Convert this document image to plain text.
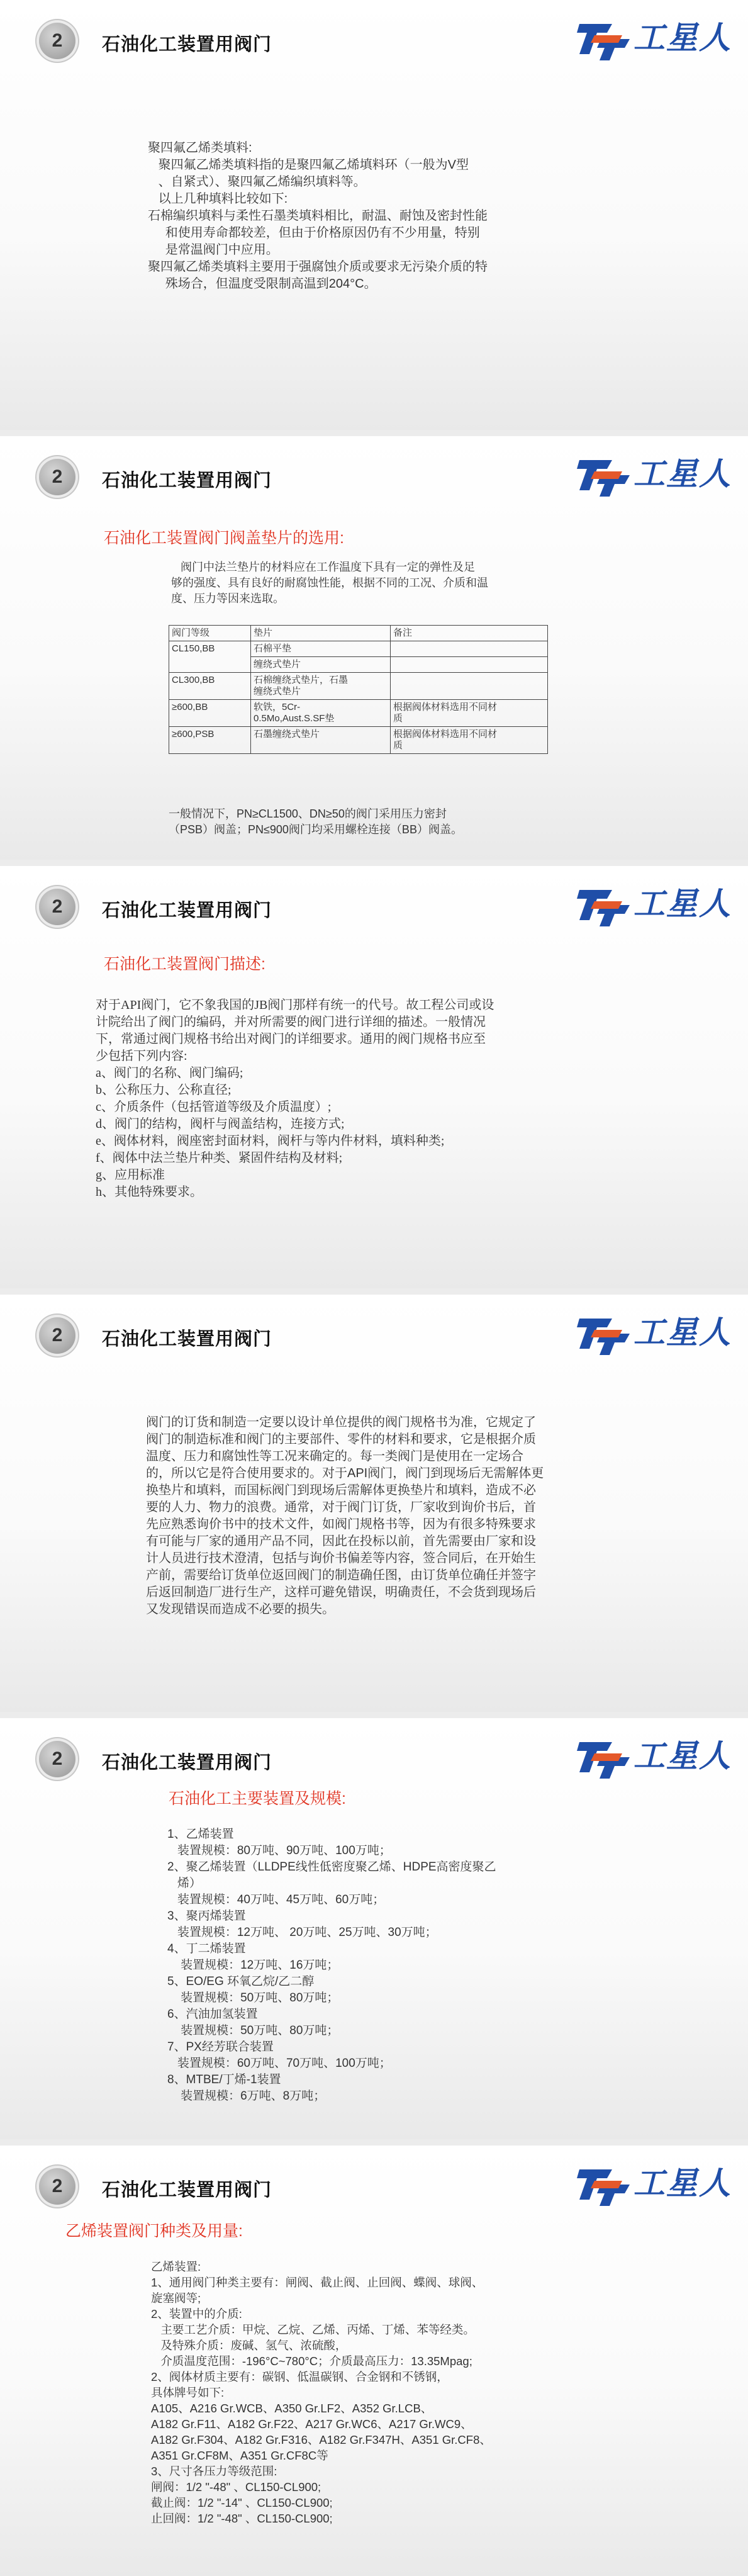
2	石油化工装置用阀门	工星人

聚四氟乙烯类填料:

聚四氟乙烯类填料指的是聚四氟乙烯填料环（一般为V型

、自紧式）、聚四氟乙烯编织填料等。

以上几种填料比较如下:

石棉编织填料与柔性石墨类填料相比，耐温、耐蚀及密封性能

和使用寿命都较差，但由于价格原因仍有不少用量，特别

是常温阀门中应用。

聚四氟乙烯类填料主要用于强腐蚀介质或要求无污染介质的特

殊场合，但温度受限制高温到204°C。

2	石油化工装置用阀门	工星人
石油化工装置阀门阀盖垫片的选用:

阀门中法兰垫片的材料应在工作温度下具有一定的弹性及足

够的强度、具有良好的耐腐蚀性能，根据不同的工况、介质和温

度、压力等因来选取。

阀门等级	垫片	备注
CL150,BB	石棉平垫	
	缠绕式垫片	
CL300,BB	石棉缠绕式垫片，石墨
缠绕式垫片	
≥600,BB	软铁，5Cr-
0.5Mo,Aust.S.SF垫	根据阀体材料选用不同材
质
≥600,PSB	石墨缠绕式垫片	根据阀体材料选用不同材
质

一般情况下，PN≥CL1500、DN≥50的阀门采用压力密封

（PSB）阀盖；PN≤900阀门均采用螺栓连接（BB）阀盖。

2	石油化工装置用阀门	工星人
石油化工装置阀门描述:

对于API阀门，它不象我国的JB阀门那样有统一的代号。故工程公司或设

计院给出了阀门的编码，并对所需要的阀门进行详细的描述。一般情况

下，常通过阀门规格书给出对阀门的详细要求。通用的阀门规格书应至

少包括下列内容:

a、阀门的名称、阀门编码;

b、公称压力、公称直径;

c、介质条件（包括管道等级及介质温度）;

d、阀门的结构，阀杆与阀盖结构，连接方式;

e、阀体材料，阀座密封面材料，阀杆与等内件材料，填料种类;

f、阀体中法兰垫片种类、紧固件结构及材料;

g、应用标准

h、其他特殊要求。

2	石油化工装置用阀门	工星人

阀门的订货和制造一定要以设计单位提供的阀门规格书为准，它规定了

阀门的制造标准和阀门的主要部件、零件的材料和要求，它是根据介质

温度、压力和腐蚀性等工况来确定的。每一类阀门是使用在一定场合

的，所以它是符合使用要求的。对于API阀门，阀门到现场后无需解体更

换垫片和填料，而国标阀门到现场后需解体更换垫片和填料，造成不必

要的人力、物力的浪费。通常，对于阀门订货，厂家收到询价书后，首

先应熟悉询价书中的技术文件，如阀门规格书等，因为有很多特殊要求

有可能与厂家的通用产品不同，因此在投标以前，首先需要由厂家和设

计人员进行技术澄清，包括与询价书偏差等内容，签合同后，在开始生

产前，需要给订货单位返回阀门的制造确任图，由订货单位确任并签字

后返回制造厂进行生产，这样可避免错误，明确责任，不会货到现场后

又发现错误而造成不必要的损失。

2	石油化工装置用阀门	工星人
石油化工主要装置及规模:

1、乙烯装置

装置规模：80万吨、90万吨、100万吨；

2、聚乙烯装置（LLDPE线性低密度聚乙烯、HDPE高密度聚乙

烯）

装置规模：40万吨、45万吨、60万吨；

3、聚丙烯装置

装置规模：12万吨、 20万吨、25万吨、30万吨；

4、丁二烯装置

装置规模：12万吨、16万吨；

5、EO/EG 环氧乙烷/乙二醇

装置规模：50万吨、80万吨；

6、汽油加氢装置

装置规模：50万吨、80万吨；

7、PX经芳联合装置

装置规模：60万吨、70万吨、100万吨；

8、MTBE/丁烯-1装置

装置规模：6万吨、8万吨；

2	石油化工装置用阀门	工星人
乙烯装置阀门种类及用量:

乙烯装置:

1、通用阀门种类主要有：闸阀、截止阀、止回阀、蝶阀、球阀、

旋塞阀等;

2、装置中的介质:

主要工艺介质：甲烷、乙烷、乙烯、丙烯、丁烯、苯等经类。

及特殊介质：废碱、氢气、浓硫酸，

介质温度范围：-196°C~780°C；介质最高压力：13.35Mpag;

2、阀体材质主要有：碳钢、低温碳钢、合金钢和不锈钢，

具体牌号如下:

A105、A216 Gr.WCB、A350 Gr.LF2、A352 Gr.LCB、

A182 Gr.F11、A182 Gr.F22、A217 Gr.WC6、A217 Gr.WC9、

A182 Gr.F304、A182 Gr.F316、A182 Gr.F347H、A351 Gr.CF8、

A351 Gr.CF8M、A351 Gr.CF8C等

3、尺寸各压力等级范围:

闸阀：1/2 "-48" 、CL150-CL900;

截止阀：1/2 "-14" 、CL150-CL900;

止回阀：1/2 "-48" 、CL150-CL900;
